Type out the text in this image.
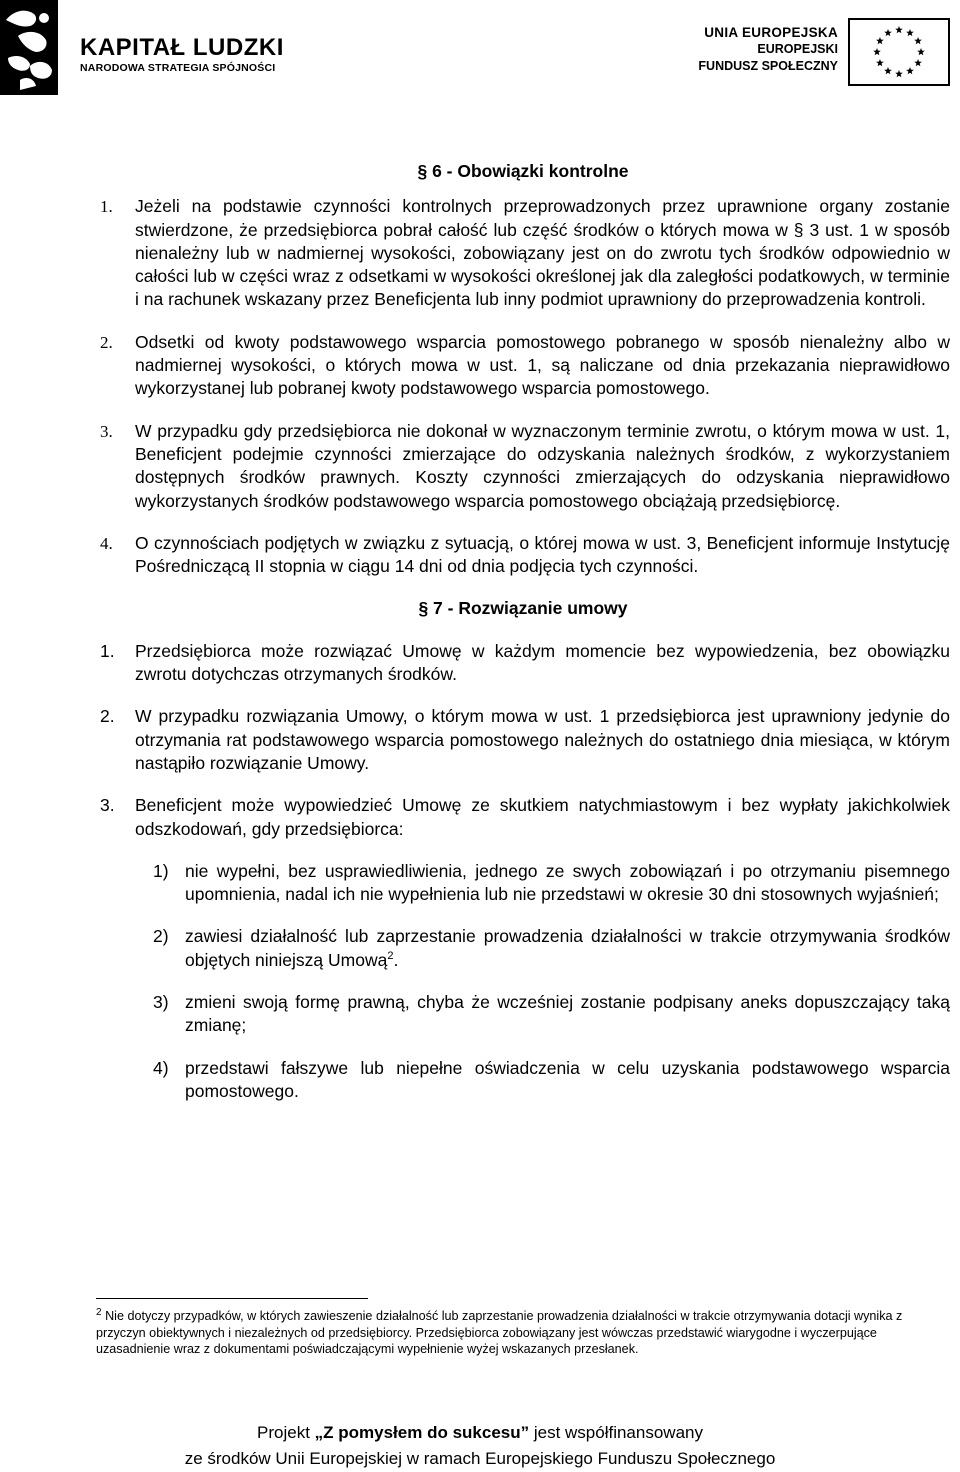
KAPITAŁ LUDZKI
NARODOWA STRATEGIA SPÓJNOŚCI
UNIA EUROPEJSKA
EUROPEJSKI
FUNDUSZ SPOŁECZNY

§ 6 - Obowiązki kontrolne

1. Jeżeli na podstawie czynności kontrolnych przeprowadzonych przez uprawnione organy zostanie stwierdzone, że przedsiębiorca pobrał całość lub część środków o których mowa w § 3 ust. 1 w sposób nienależny lub w nadmiernej wysokości, zobowiązany jest on do zwrotu tych środków odpowiednio w całości lub w części wraz z odsetkami w wysokości określonej jak dla zaległości podatkowych, w terminie i na rachunek wskazany przez Beneficjenta lub inny podmiot uprawniony do przeprowadzenia kontroli.

2. Odsetki od kwoty podstawowego wsparcia pomostowego pobranego w sposób nienależny albo w nadmiernej wysokości, o których mowa w ust. 1, są naliczane od dnia przekazania nieprawidłowo wykorzystanej lub pobranej kwoty podstawowego wsparcia pomostowego.

3. W przypadku gdy przedsiębiorca nie dokonał w wyznaczonym terminie zwrotu, o którym mowa w ust. 1, Beneficjent podejmie czynności zmierzające do odzyskania należnych środków, z wykorzystaniem dostępnych środków prawnych. Koszty czynności zmierzających do odzyskania nieprawidłowo wykorzystanych środków podstawowego wsparcia pomostowego obciążają przedsiębiorcę.

4. O czynnościach podjętych w związku z sytuacją, o której mowa w ust. 3, Beneficjent informuje Instytucję Pośredniczącą II stopnia w ciągu 14 dni od dnia podjęcia tych czynności.

§ 7 - Rozwiązanie umowy

1. Przedsiębiorca może rozwiązać Umowę w każdym momencie bez wypowiedzenia, bez obowiązku zwrotu dotychczas otrzymanych środków.

2. W przypadku rozwiązania Umowy, o którym mowa w ust. 1 przedsiębiorca jest uprawniony jedynie do otrzymania rat podstawowego wsparcia pomostowego należnych do ostatniego dnia miesiąca, w którym nastąpiło rozwiązanie Umowy.

3. Beneficjent może wypowiedzieć Umowę ze skutkiem natychmiastowym i bez wypłaty jakichkolwiek odszkodowań, gdy przedsiębiorca:

1) nie wypełni, bez usprawiedliwienia, jednego ze swych zobowiązań i po otrzymaniu pisemnego upomnienia, nadal ich nie wypełnienia lub nie przedstawi w okresie 30 dni stosownych wyjaśnień;

2) zawiesi działalność lub zaprzestanie prowadzenia działalności w trakcie otrzymywania środków objętych niniejszą Umową$^2$.

3) zmieni swoją formę prawną, chyba że wcześniej zostanie podpisany aneks dopuszczający taką zmianę;

4) przedstawi fałszywe lub niepełne oświadczenia w celu uzyskania podstawowego wsparcia pomostowego.

$^2$ Nie dotyczy przypadków, w których zawieszenie działalność lub zaprzestanie prowadzenia działalności w trakcie otrzymywania dotacji wynika z przyczyn obiektywnych i niezależnych od przedsiębiorcy. Przedsiębiorca zobowiązany jest wówczas przedstawić wiarygodne i wyczerpujące uzasadnienie wraz z dokumentami poświadczającymi wypełnienie wyżej wskazanych przesłanek.
Projekt „Z pomysłem do sukcesu” jest współfinansowany
ze środków Unii Europejskiej w ramach Europejskiego Funduszu Społecznego
